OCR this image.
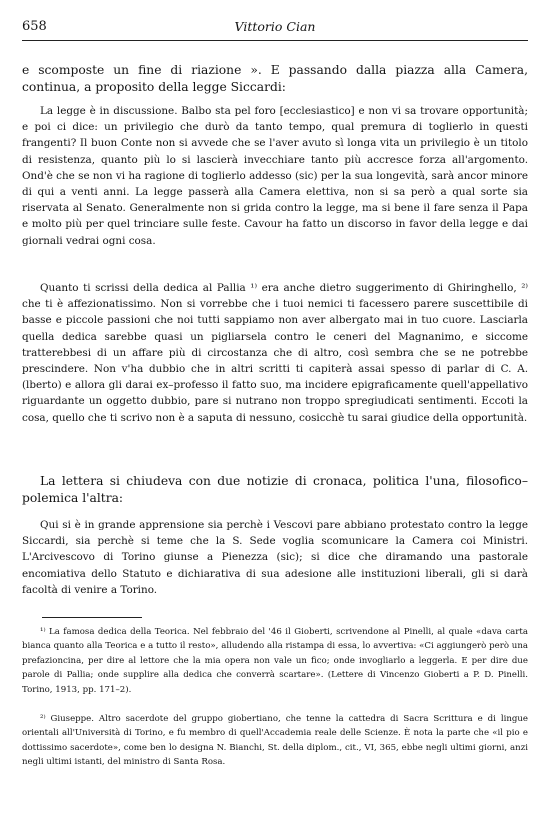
658	Vittorio Cian

e scomposte un fine di riazione ». E passando dalla piazza alla Camera, continua, a proposito della legge Siccardi:

La legge è in discussione. Balbo sta pel foro [ecclesiastico] e non vi sa trovare opportunità; e poi ci dice: un privilegio che durò da tanto tempo, qual premura di toglierlo in questi frangenti? Il buon Conte non si avvede che se l'aver avuto sì longa vita un privilegio è un titolo di resistenza, quanto più lo si lascierà invecchiare tanto più accresce forza all'argomento. Ond'è che se non vi ha ragione di toglierlo addesso (sic) per la sua longevità, sarà ancor minore di qui a venti anni. La legge passerà alla Camera elettiva, non si sa però a qual sorte sia riservata al Senato. Generalmente non si grida contro la legge, ma si bene il fare senza il Papa e molto più per quel trinciare sulle feste. Cavour ha fatto un discorso in favor della legge e dai giornali vedrai ogni cosa.

Quanto ti scrissi della dedica al Pallia ¹⁾ era anche dietro suggerimento di Ghiringhello, ²⁾ che ti è affezionatissimo. Non si vorrebbe che i tuoi nemici ti facessero parere suscettibile di basse e piccole passioni che noi tutti sappiamo non aver albergato mai in tuo cuore. Lasciarla quella dedica sarebbe quasi un pigliarsela contro le ceneri del Magnanimo, e siccome tratterebbesi di un affare più di circostanza che di altro, così sembra che se ne potrebbe prescindere. Non v'ha dubbio che in altri scritti ti capiterà assai spesso di parlar di C. A.(lberto) e allora gli darai ex–professo il fatto suo, ma incidere epigraficamente quell'appellativo riguardante un oggetto dubbio, pare si nutrano non troppo spregiudicati sentimenti. Eccoti la cosa, quello che ti scrivo non è a saputa di nessuno, cosicchè tu sarai giudice della opportunità.

La lettera si chiudeva con due notizie di cronaca, politica l'una, filosofico–polemica l'altra:

Qui si è in grande apprensione sia perchè i Vescovi pare abbiano protestato contro la legge Siccardi, sia perchè si teme che la S. Sede voglia scomunicare la Camera coi Ministri. L'Arcivescovo di Torino giunse a Pienezza (sic); si dice che diramando una pastorale encomiativa dello Statuto e dichiarativa di sua adesione alle instituzioni liberali, gli si darà facoltà di venire a Torino.

¹⁾ La famosa dedica della Teorica. Nel febbraio del '46 il Gioberti, scrivendone al Pinelli, al quale «dava carta bianca quanto alla Teorica e a tutto il resto», alludendo alla ristampa di essa, lo avvertiva: «Ci aggiungerò però una prefazioncina, per dire al lettore che la mia opera non vale un fico; onde invogliarlo a leggerla. E per dire due parole di Pallia; onde supplire alla dedica che converrà scartare». (Lettere di Vincenzo Gioberti a P. D. Pinelli. Torino, 1913, pp. 171–2).

²⁾ Giuseppe. Altro sacerdote del gruppo giobertiano, che tenne la cattedra di Sacra Scrittura e di lingue orientali all'Università di Torino, e fu membro di quell'Accademia reale delle Scienze. È nota la parte che «il pio e dottissimo sacerdote», come ben lo designa N. Bianchi, St. della diplom., cit., VI, 365, ebbe negli ultimi giorni, anzi negli ultimi istanti, del ministro di Santa Rosa.
